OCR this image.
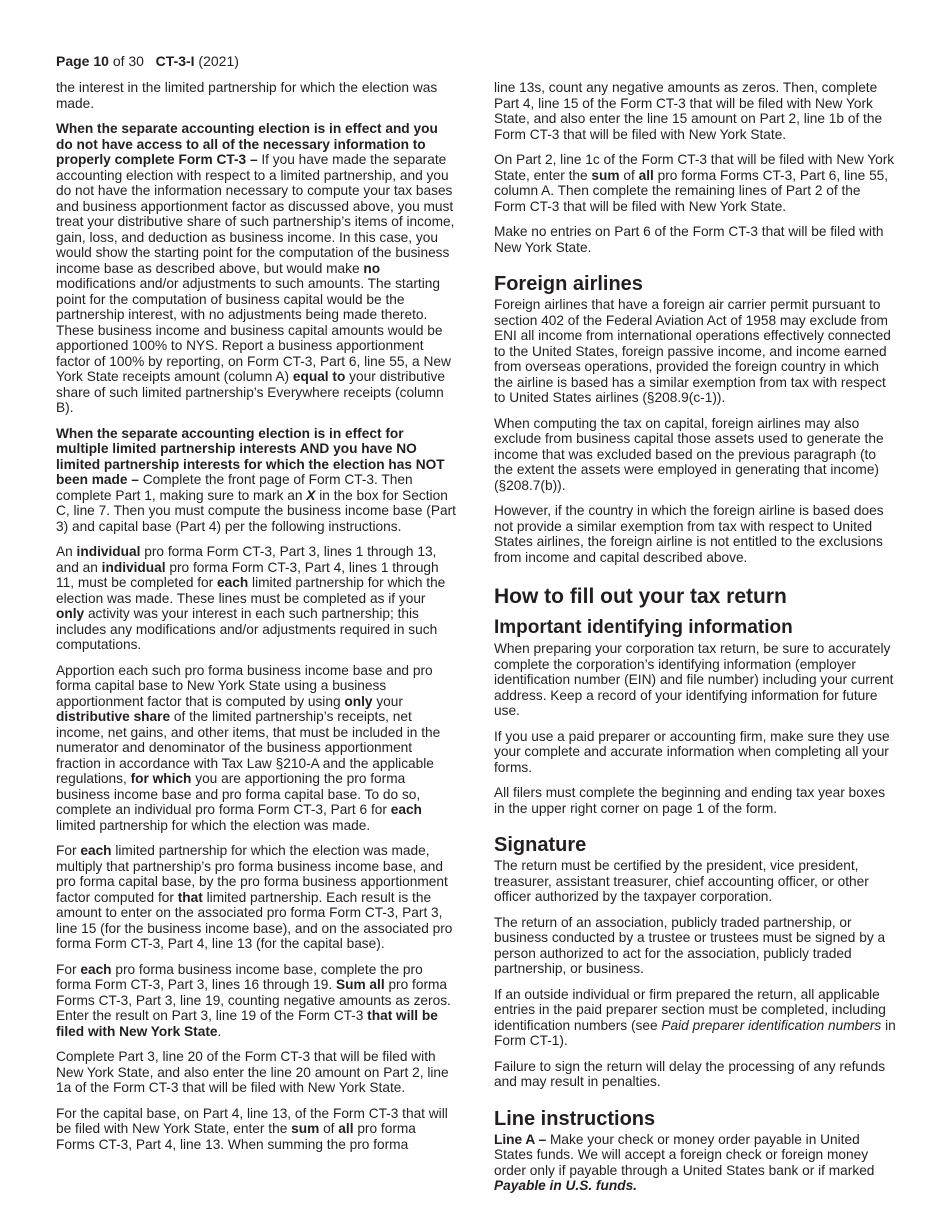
Page 10 of 30 CT-3-I (2021)

the interest in the limited partnership for which the election was made.

When the separate accounting election is in effect and you do not have access to all of the necessary information to properly complete Form CT-3 – If you have made the separate accounting election with respect to a limited partnership, and you do not have the information necessary to compute your tax bases and business apportionment factor as discussed above, you must treat your distributive share of such partnership’s items of income, gain, loss, and deduction as business income. In this case, you would show the starting point for the computation of the business income base as described above, but would make no modifications and/or adjustments to such amounts. The starting point for the computation of business capital would be the partnership interest, with no adjustments being made thereto. These business income and business capital amounts would be apportioned 100% to NYS. Report a business apportionment factor of 100% by reporting, on Form CT-3, Part 6, line 55, a New York State receipts amount (column A) equal to your distributive share of such limited partnership’s Everywhere receipts (column B).

When the separate accounting election is in effect for multiple limited partnership interests AND you have NO limited partnership interests for which the election has NOT been made – Complete the front page of Form CT-3. Then complete Part 1, making sure to mark an X in the box for Section C, line 7. Then you must compute the business income base (Part 3) and capital base (Part 4) per the following instructions.

An individual pro forma Form CT-3, Part 3, lines 1 through 13, and an individual pro forma Form CT-3, Part 4, lines 1 through 11, must be completed for each limited partnership for which the election was made. These lines must be completed as if your only activity was your interest in each such partnership; this includes any modifications and/or adjustments required in such computations.

Apportion each such pro forma business income base and pro forma capital base to New York State using a business apportionment factor that is computed by using only your distributive share of the limited partnership’s receipts, net income, net gains, and other items, that must be included in the numerator and denominator of the business apportionment fraction in accordance with Tax Law §210-A and the applicable regulations, for which you are apportioning the pro forma business income base and pro forma capital base. To do so, complete an individual pro forma Form CT-3, Part 6 for each limited partnership for which the election was made.

For each limited partnership for which the election was made, multiply that partnership’s pro forma business income base, and pro forma capital base, by the pro forma business apportionment factor computed for that limited partnership. Each result is the amount to enter on the associated pro forma Form CT-3, Part 3, line 15 (for the business income base), and on the associated pro forma Form CT-3, Part 4, line 13 (for the capital base).

For each pro forma business income base, complete the pro forma Form CT-3, Part 3, lines 16 through 19. Sum all pro forma Forms CT-3, Part 3, line 19, counting negative amounts as zeros. Enter the result on Part 3, line 19 of the Form CT-3 that will be filed with New York State.

Complete Part 3, line 20 of the Form CT-3 that will be filed with New York State, and also enter the line 20 amount on Part 2, line 1a of the Form CT-3 that will be filed with New York State.

For the capital base, on Part 4, line 13, of the Form CT-3 that will be filed with New York State, enter the sum of all pro forma Forms CT-3, Part 4, line 13. When summing the pro forma

line 13s, count any negative amounts as zeros. Then, complete Part 4, line 15 of the Form CT-3 that will be filed with New York State, and also enter the line 15 amount on Part 2, line 1b of the Form CT-3 that will be filed with New York State.

On Part 2, line 1c of the Form CT-3 that will be filed with New York State, enter the sum of all pro forma Forms CT-3, Part 6, line 55, column A. Then complete the remaining lines of Part 2 of the Form CT-3 that will be filed with New York State.

Make no entries on Part 6 of the Form CT-3 that will be filed with New York State.

Foreign airlines

Foreign airlines that have a foreign air carrier permit pursuant to section 402 of the Federal Aviation Act of 1958 may exclude from ENI all income from international operations effectively connected to the United States, foreign passive income, and income earned from overseas operations, provided the foreign country in which the airline is based has a similar exemption from tax with respect to United States airlines (§208.9(c-1)).

When computing the tax on capital, foreign airlines may also exclude from business capital those assets used to generate the income that was excluded based on the previous paragraph (to the extent the assets were employed in generating that income) (§208.7(b)).

However, if the country in which the foreign airline is based does not provide a similar exemption from tax with respect to United States airlines, the foreign airline is not entitled to the exclusions from income and capital described above.

How to fill out your tax return
Important identifying information

When preparing your corporation tax return, be sure to accurately complete the corporation’s identifying information (employer identification number (EIN) and file number) including your current address. Keep a record of your identifying information for future use.

If you use a paid preparer or accounting firm, make sure they use your complete and accurate information when completing all your forms.

All filers must complete the beginning and ending tax year boxes in the upper right corner on page 1 of the form.

Signature

The return must be certified by the president, vice president, treasurer, assistant treasurer, chief accounting officer, or other officer authorized by the taxpayer corporation.

The return of an association, publicly traded partnership, or business conducted by a trustee or trustees must be signed by a person authorized to act for the association, publicly traded partnership, or business.

If an outside individual or firm prepared the return, all applicable entries in the paid preparer section must be completed, including identification numbers (see Paid preparer identification numbers in Form CT-1).

Failure to sign the return will delay the processing of any refunds and may result in penalties.

Line instructions

Line A – Make your check or money order payable in United States funds. We will accept a foreign check or foreign money order only if payable through a United States bank or if marked Payable in U.S. funds.
